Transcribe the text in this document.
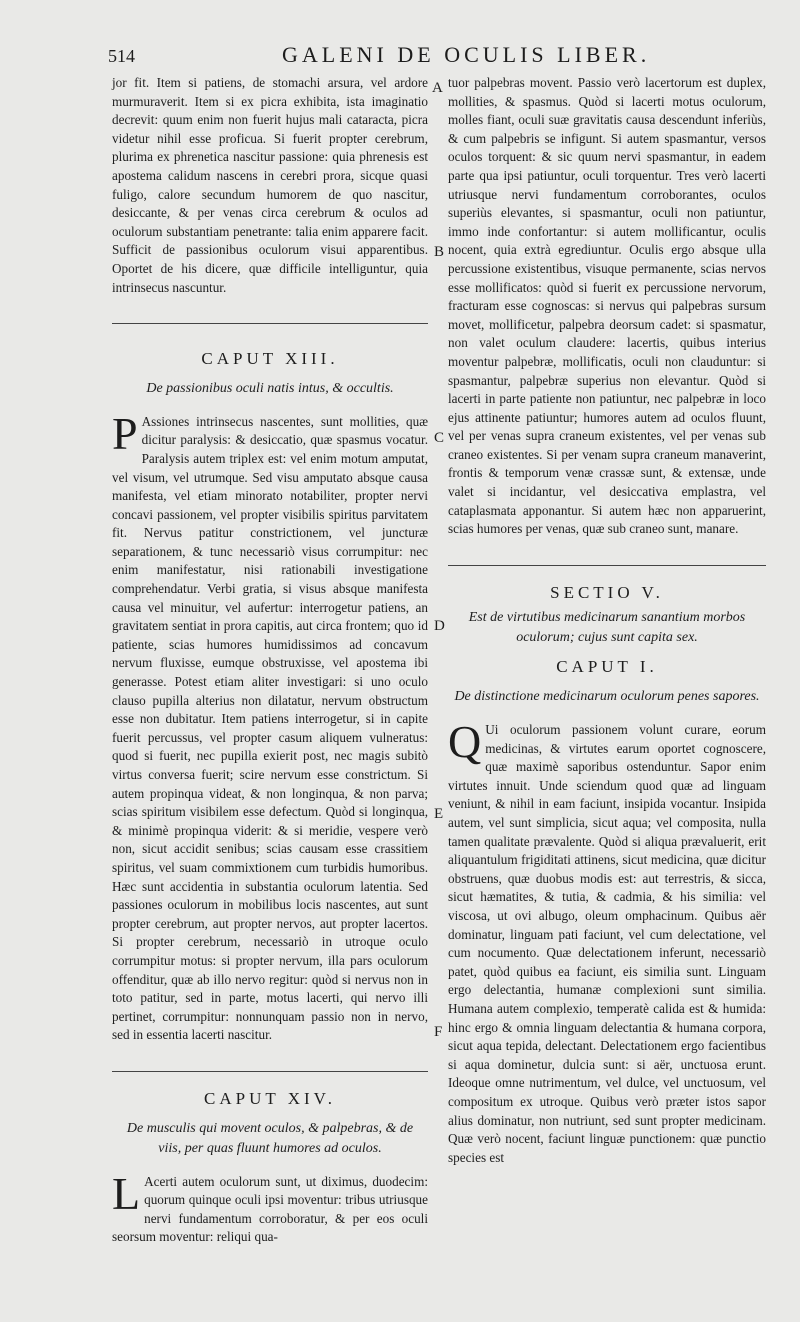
514	GALENI DE OCULIS LIBER.
A
B
C
D
E
F

jor fit. Item si patiens, de stomachi arsura, vel ardore murmuraverit. Item si ex picra exhibita, ista imaginatio decrevit: quum enim non fuerit hujus mali cataracta, picra videtur nihil esse proficua. Si fuerit propter cerebrum, plurima ex phrenetica nascitur passione: quia phrenesis est apostema calidum nascens in cerebri prora, sicque quasi fuligo, calore secundum humorem de quo nascitur, desiccante, & per venas circa cerebrum & oculos ad oculorum substantiam penetrante: talia enim apparere facit. Sufficit de passionibus oculorum visui apparentibus. Oportet de his dicere, quæ difficile intelliguntur, quia intrinsecus nascuntur.

CAPUT XIII.

De passionibus oculi natis intus, & occultis.

P Assiones intrinsecus nascentes, sunt mollities, quæ dicitur paralysis: & desiccatio, quæ spasmus vocatur. Paralysis autem triplex est: vel enim motum amputat, vel visum, vel utrumque. Sed visu amputato absque causa manifesta, vel etiam minorato notabiliter, propter nervi concavi passionem, vel propter visibilis spiritus parvitatem fit. Nervus patitur constrictionem, vel juncturæ separationem, & tunc necessariò visus corrumpitur: nec enim manifestatur, nisi rationabili investigatione comprehendatur. Verbi gratia, si visus absque manifesta causa vel minuitur, vel aufertur: interrogetur patiens, an gravitatem sentiat in prora capitis, aut circa frontem; quo id patiente, scias humores humidissimos ad concavum nervum fluxisse, eumque obstruxisse, vel apostema ibi generasse. Potest etiam aliter investigari: si uno oculo clauso pupilla alterius non dilatatur, nervum obstructum esse non dubitatur. Item patiens interrogetur, si in capite fuerit percussus, vel propter casum aliquem vulneratus: quod si fuerit, nec pupilla exierit post, nec magis subitò virtus conversa fuerit; scire nervum esse constrictum. Si autem propinqua videat, & non longinqua, & non parva; scias spiritum visibilem esse defectum. Quòd si longinqua, & minimè propinqua viderit: & si meridie, vespere verò non, sicut accidit senibus; scias causam esse crassitiem spiritus, vel suam commixtionem cum turbidis humoribus. Hæc sunt accidentia in substantia oculorum latentia. Sed passiones oculorum in mobilibus locis nascentes, aut sunt propter cerebrum, aut propter nervos, aut propter lacertos. Si propter cerebrum, necessariò in utroque oculo corrumpitur motus: si propter nervum, illa pars oculorum offenditur, quæ ab illo nervo regitur: quòd si nervus non in toto patitur, sed in parte, motus lacerti, qui nervo illi pertinet, corrumpitur: nonnunquam passio non in nervo, sed in essentia lacerti nascitur.

CAPUT XIV.

De musculis qui movent oculos, & palpebras, & de viis, per quas fluunt humores ad oculos.

L Acerti autem oculorum sunt, ut diximus, duodecim: quorum quinque oculi ipsi moventur: tribus utriusque nervi fundamentum corroboratur, & per eos oculi seorsum moventur: reliqui qua-

tuor palpebras movent. Passio verò lacertorum est duplex, mollities, & spasmus. Quòd si lacerti motus oculorum, molles fiant, oculi suæ gravitatis causa descendunt inferiùs, & cum palpebris se infigunt. Si autem spasmantur, versos oculos torquent: & sic quum nervi spasmantur, in eadem parte qua ipsi patiuntur, oculi torquentur. Tres verò lacerti utriusque nervi fundamentum corroborantes, oculos superiùs elevantes, si spasmantur, oculi non patiuntur, immo inde confortantur: si autem mollificantur, oculis nocent, quia extrà egrediuntur. Oculis ergo absque ulla percussione existentibus, visuque permanente, scias nervos esse mollificatos: quòd si fuerit ex percussione nervorum, fracturam esse cognoscas: si nervus qui palpebras sursum movet, mollificetur, palpebra deorsum cadet: si spasmatur, non valet oculum claudere: lacertis, quibus interius moventur palpebræ, mollificatis, oculi non clauduntur: si spasmantur, palpebræ superius non elevantur. Quòd si lacerti in parte patiente non patiuntur, nec palpebræ in loco ejus attinente patiuntur; humores autem ad oculos fluunt, vel per venas supra craneum existentes, vel per venas sub craneo existentes. Si per venam supra craneum manaverint, frontis & temporum venæ crassæ sunt, & extensæ, unde valet si incidantur, vel desiccativa emplastra, vel cataplasmata apponantur. Si autem hæc non apparuerint, scias humores per venas, quæ sub craneo sunt, manare.

SECTIO V.

Est de virtutibus medicinarum sanantium morbos oculorum; cujus sunt capita sex.

CAPUT I.

De distinctione medicinarum oculorum penes sapores.

Q Ui oculorum passionem volunt curare, eorum medicinas, & virtutes earum oportet cognoscere, quæ maximè saporibus ostenduntur. Sapor enim virtutes innuit. Unde sciendum quod quæ ad linguam veniunt, & nihil in eam faciunt, insipida vocantur. Insipida autem, vel sunt simplicia, sicut aqua; vel composita, nulla tamen qualitate prævalente. Quòd si aliqua prævaluerit, erit aliquantulum frigiditati attinens, sicut medicina, quæ dicitur obstruens, quæ duobus modis est: aut terrestris, & sicca, sicut hæmatites, & tutia, & cadmia, & his similia: vel viscosa, ut ovi albugo, oleum omphacinum. Quibus aër dominatur, linguam pati faciunt, vel cum delectatione, vel cum nocumento. Quæ delectationem inferunt, necessariò patet, quòd quibus ea faciunt, eis similia sunt. Linguam ergo delectantia, humanæ complexioni sunt similia. Humana autem complexio, temperatè calida est & humida: hinc ergo & omnia linguam delectantia & humana corpora, sicut aqua tepida, delectant. Delectationem ergo facientibus si aqua dominetur, dulcia sunt: si aër, unctuosa erunt. Ideoque omne nutrimentum, vel dulce, vel unctuosum, vel compositum ex utroque. Quibus verò præter istos sapor alius dominatur, non nutriunt, sed sunt propter medicinam. Quæ verò nocent, faciunt linguæ punctionem: quæ punctio species est
